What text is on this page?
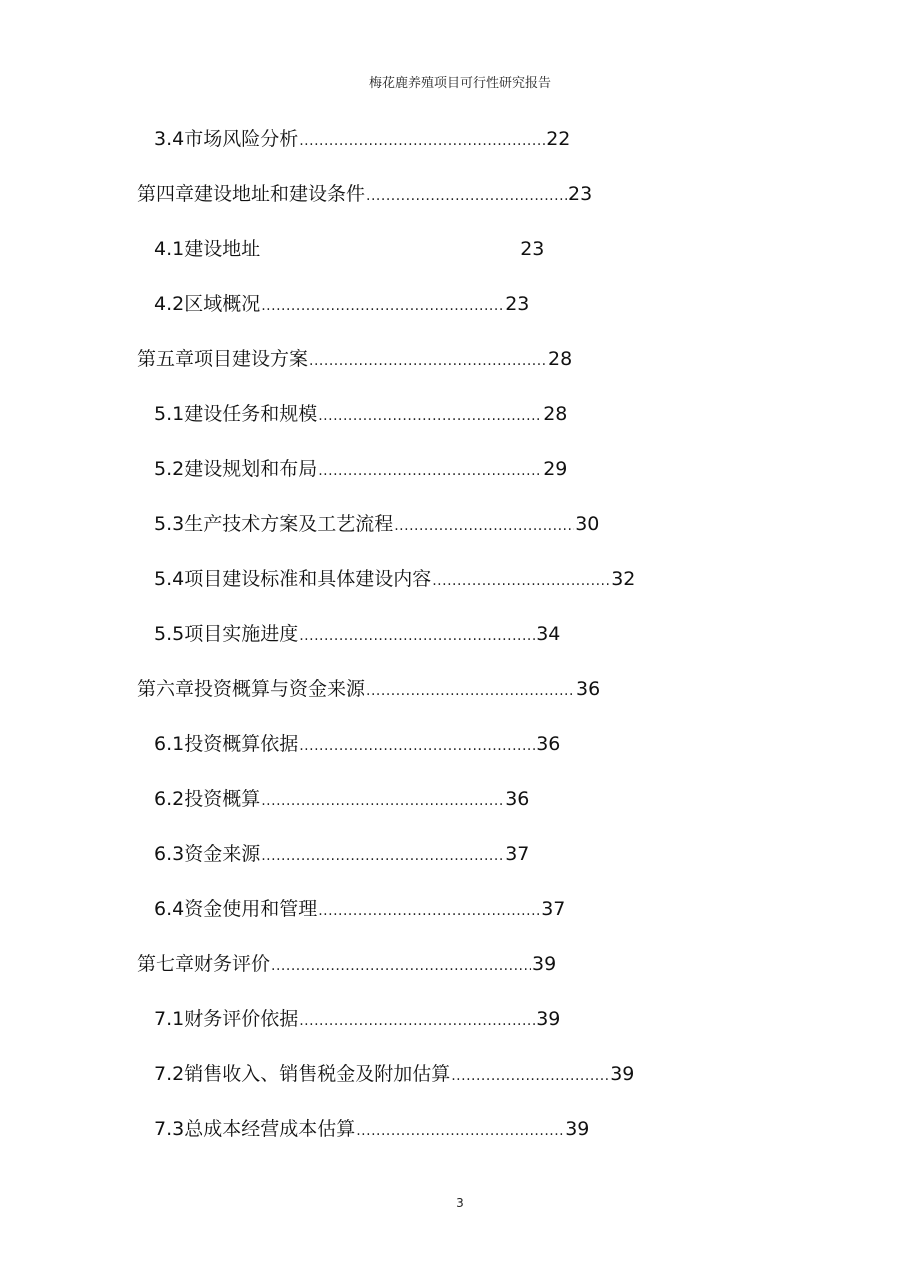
梅花鹿养殖项目可行性研究报告
3.4市场风险分析 .....	22
第四章建设地址和建设条件 .....	23
4.1建设地址	23
4.2区域概况 .....	23
第五章项目建设方案 .....	28
5.1建设任务和规模 .....	28
5.2建设规划和布局 .....	29
5.3生产技术方案及工艺流程 .....	30
5.4项目建设标准和具体建设内容 .....	32
5.5项目实施进度 .....	34
第六章投资概算与资金来源 .....	36
6.1投资概算依据 .....	36
6.2投资概算 .....	36
6.3资金来源 .....	37
6.4资金使用和管理 .....	37
第七章财务评价 .....	39
7.1财务评价依据 .....	39
7.2销售收入、销售税金及附加估算 .....	39
7.3总成本经营成本估算 .....	39
3
